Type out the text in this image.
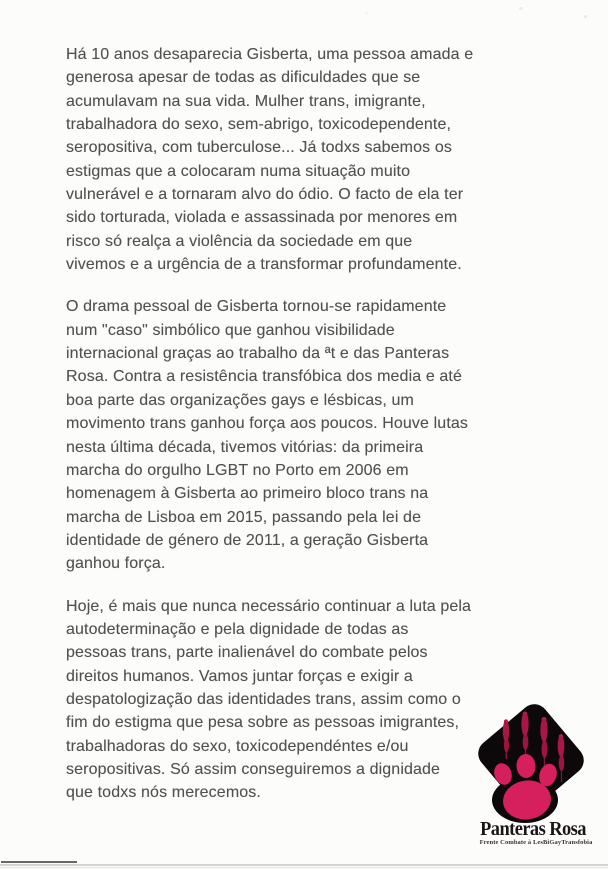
Há 10 anos desaparecia Gisberta, uma pessoa amada e
generosa apesar de todas as dificuldades que se
acumulavam na sua vida. Mulher trans, imigrante,
trabalhadora do sexo, sem-abrigo, toxicodependente,
seropositiva, com tuberculose... Já todxs sabemos os
estigmas que a colocaram numa situação muito
vulnerável e a tornaram alvo do ódio. O facto de ela ter
sido torturada, violada e assassinada por menores em
risco só realça a violência da sociedade em que
vivemos e a urgência de a transformar profundamente.
O drama pessoal de Gisberta tornou-se rapidamente
num "caso" simbólico que ganhou visibilidade
internacional graças ao trabalho da ªt e das Panteras
Rosa. Contra a resistência transfóbica dos media e até
boa parte das organizações gays e lésbicas, um
movimento trans ganhou força aos poucos. Houve lutas
nesta última década, tivemos vitórias: da primeira
marcha do orgulho LGBT no Porto em 2006 em
homenagem à Gisberta ao primeiro bloco trans na
marcha de Lisboa em 2015, passando pela lei de
identidade de género de 2011, a geração Gisberta
ganhou força.
Hoje, é mais que nunca necessário continuar a luta pela
autodeterminação e pela dignidade de todas as
pessoas trans, parte inalienável do combate pelos
direitos humanos. Vamos juntar forças e exigir a
despatologização das identidades trans, assim como o
fim do estigma que pesa sobre as pessoas imigrantes,
trabalhadoras do sexo, toxicodependéntes e/ou
seropositivas. Só assim conseguiremos a dignidade
que todxs nós merecemos.
Panteras Rosa
Frente Combate à LesBiGayTransfobia
